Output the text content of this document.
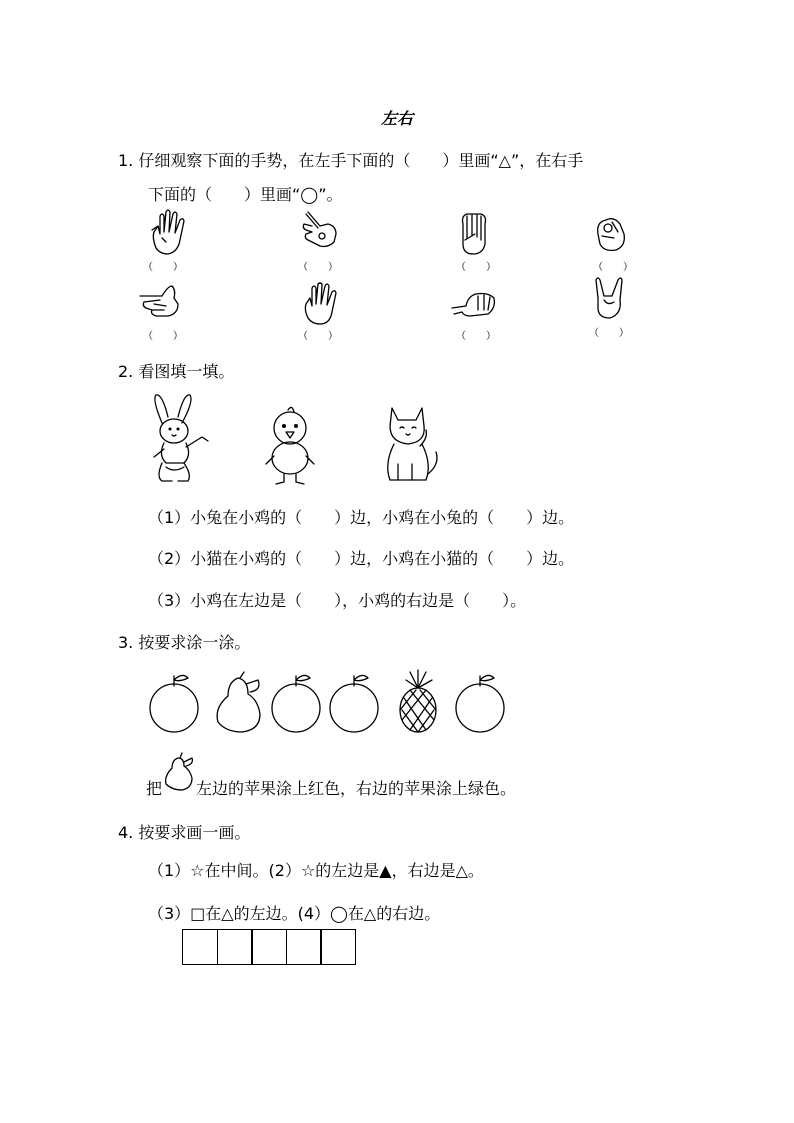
左右
1. 仔细观察下面的手势，在左手下面的（　　）里画“△”，在右手
下面的（　　）里画“◯”。
（　　）	（　　）	（　　）	（　　）
（　　）	（　　）	（　　）	（　　）
2. 看图填一填。
（1）小兔在小鸡的（　　）边，小鸡在小兔的（　　）边。
（2）小猫在小鸡的（　　）边，小鸡在小猫的（　　）边。
（3）小鸡在左边是（　　），小鸡的右边是（　　）。
3. 按要求涂一涂。
把 左边的苹果涂上红色，右边的苹果涂上绿色。
4. 按要求画一画。
（1）☆在中间。(2）☆的左边是▲，右边是△。
（3）□在△的左边。(4）◯在△的右边。
